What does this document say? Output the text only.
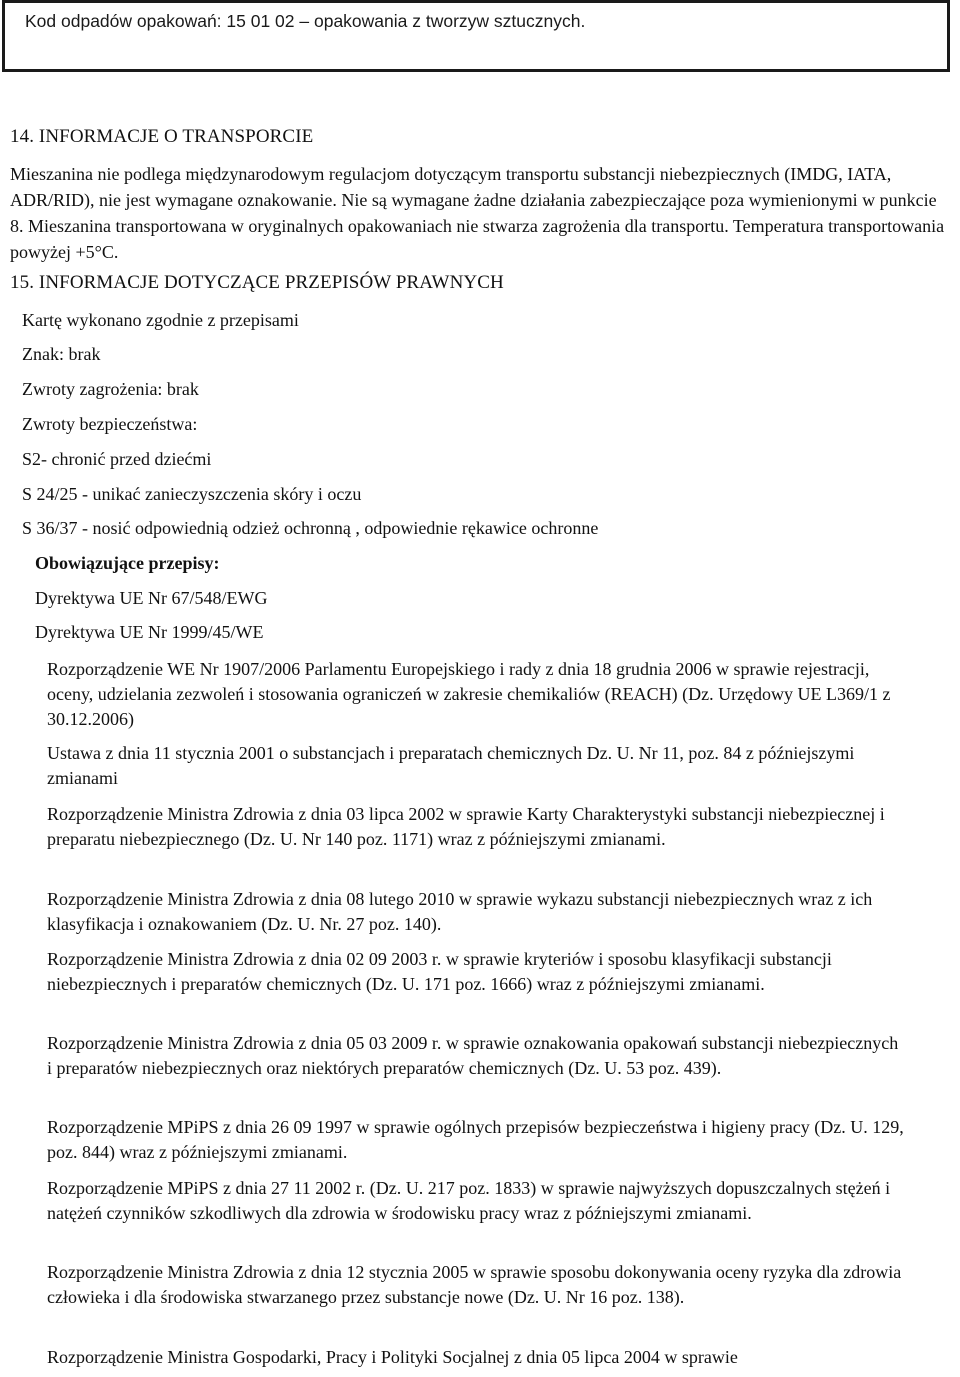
Kod odpadów opakowań: 15 01 02 – opakowania z tworzyw sztucznych.
14. INFORMACJE O TRANSPORCIE
Mieszanina nie podlega międzynarodowym regulacjom dotyczącym transportu substancji niebezpiecznych (IMDG, IATA, ADR/RID), nie jest wymagane oznakowanie. Nie są wymagane żadne działania zabezpieczające poza wymienionymi w punkcie 8. Mieszanina transportowana w oryginalnych opakowaniach nie stwarza zagrożenia dla transportu. Temperatura transportowania powyżej +5°C.
15. INFORMACJE DOTYCZĄCE PRZEPISÓW PRAWNYCH
Kartę wykonano zgodnie z przepisami
Znak: brak
Zwroty zagrożenia: brak
Zwroty bezpieczeństwa:
S2- chronić przed dziećmi
S 24/25 - unikać zanieczyszczenia skóry i oczu
S 36/37 - nosić odpowiednią odzież ochronną , odpowiednie rękawice ochronne
Obowiązujące przepisy:
Dyrektywa UE Nr 67/548/EWG
Dyrektywa UE Nr 1999/45/WE
Rozporządzenie WE Nr 1907/2006 Parlamentu Europejskiego i rady z dnia 18 grudnia 2006 w sprawie rejestracji, oceny, udzielania zezwoleń i stosowania ograniczeń w zakresie chemikaliów (REACH) (Dz. Urzędowy UE L369/1 z 30.12.2006)
Ustawa z dnia 11 stycznia 2001 o substancjach i preparatach chemicznych Dz. U. Nr 11, poz. 84 z późniejszymi zmianami
Rozporządzenie Ministra Zdrowia z dnia 03 lipca 2002 w sprawie Karty Charakterystyki substancji niebezpiecznej i preparatu niebezpiecznego (Dz. U. Nr 140 poz. 1171) wraz z późniejszymi zmianami.
Rozporządzenie Ministra Zdrowia z dnia 08 lutego 2010 w sprawie wykazu substancji niebezpiecznych wraz z ich klasyfikacja i oznakowaniem (Dz. U. Nr. 27 poz. 140).
Rozporządzenie Ministra Zdrowia z dnia 02 09 2003 r. w sprawie kryteriów i sposobu klasyfikacji substancji niebezpiecznych i preparatów chemicznych (Dz. U. 171 poz. 1666) wraz z późniejszymi zmianami.
Rozporządzenie Ministra Zdrowia z dnia 05 03 2009 r. w sprawie oznakowania opakowań substancji niebezpiecznych i preparatów niebezpiecznych oraz niektórych preparatów chemicznych (Dz. U. 53 poz. 439).
Rozporządzenie MPiPS z dnia 26 09 1997 w sprawie ogólnych przepisów bezpieczeństwa i higieny pracy (Dz. U. 129, poz. 844) wraz z późniejszymi zmianami.
Rozporządzenie MPiPS z dnia 27 11 2002 r. (Dz. U. 217 poz. 1833) w sprawie najwyższych dopuszczalnych stężeń i natężeń czynników szkodliwych dla zdrowia w środowisku pracy wraz z późniejszymi zmianami.
Rozporządzenie Ministra Zdrowia z dnia 12 stycznia 2005 w sprawie sposobu dokonywania oceny ryzyka dla zdrowia człowieka i dla środowiska stwarzanego przez substancje nowe (Dz. U. Nr 16 poz. 138).
Rozporządzenie Ministra Gospodarki, Pracy i Polityki Socjalnej z dnia 05 lipca 2004 w sprawie
